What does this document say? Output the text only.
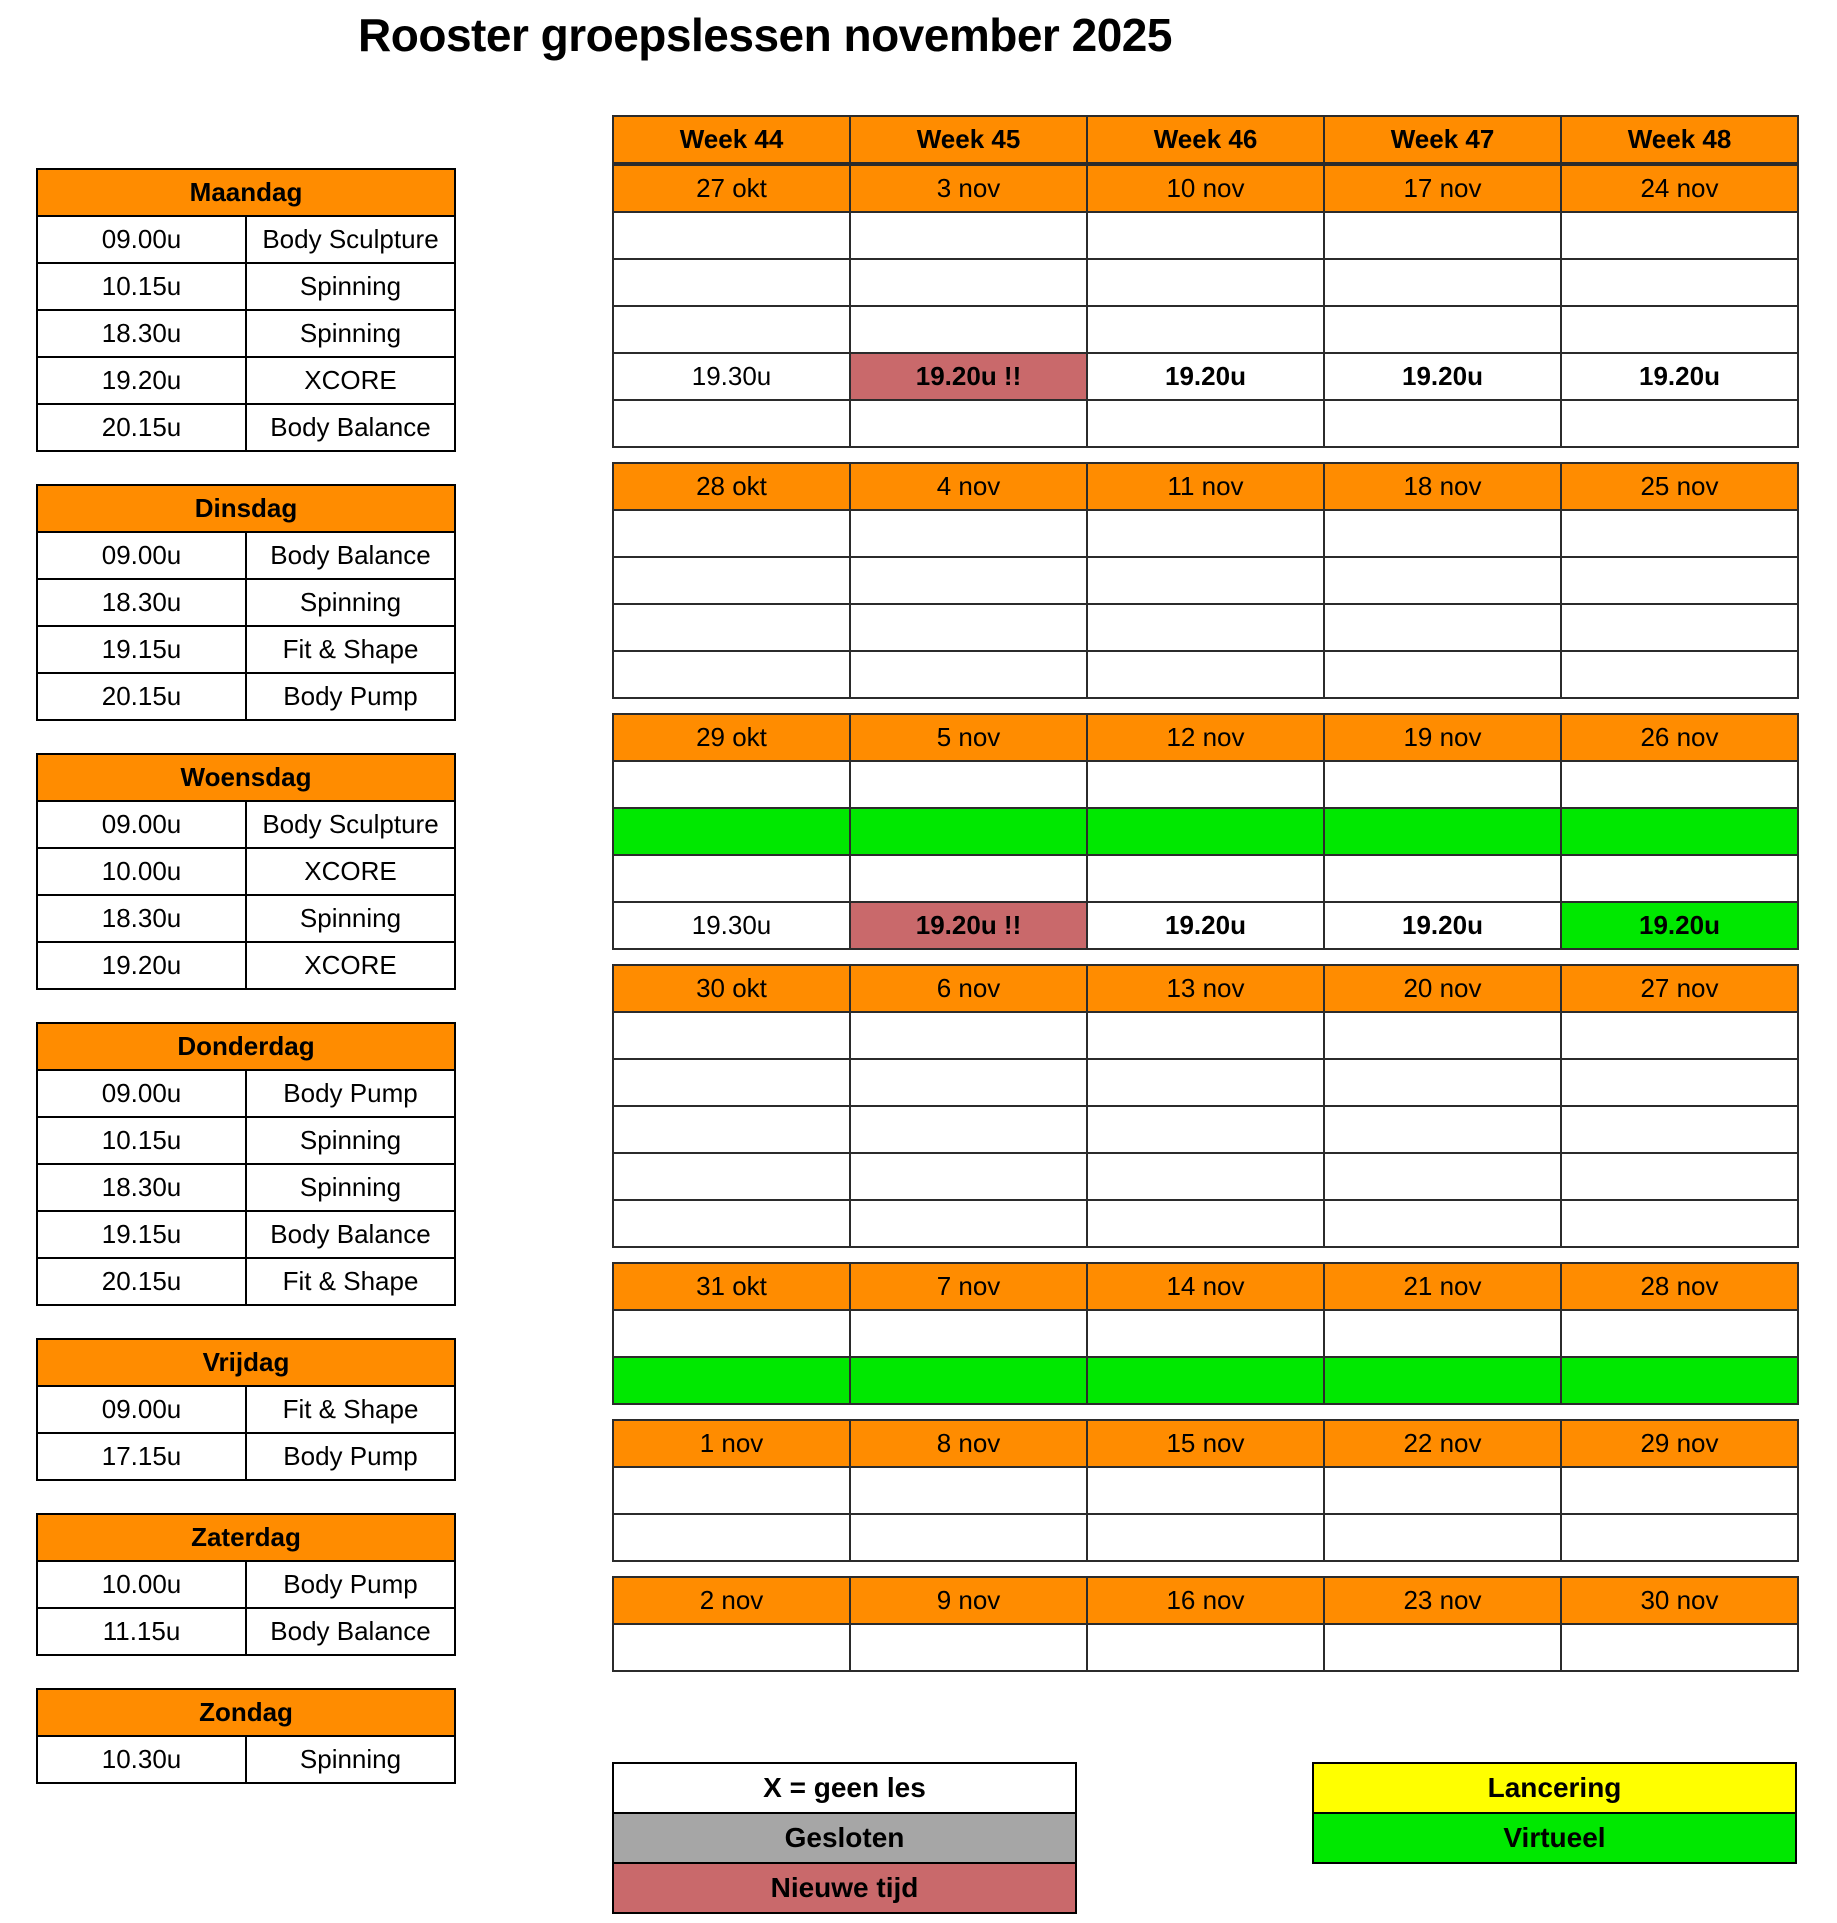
Rooster groepslessen november 2025
Maandag	
09.00u	Body Sculpture
10.15u	Spinning
18.30u	Spinning
19.20u	XCORE
20.15u	Body Balance
Dinsdag	
09.00u	Body Balance
18.30u	Spinning
19.15u	Fit & Shape
20.15u	Body Pump
Woensdag	
09.00u	Body Sculpture
10.00u	XCORE
18.30u	Spinning
19.20u	XCORE
Donderdag	
09.00u	Body Pump
10.15u	Spinning
18.30u	Spinning
19.15u	Body Balance
20.15u	Fit & Shape
Vrijdag	
09.00u	Fit & Shape
17.15u	Body Pump
Zaterdag	
10.00u	Body Pump
11.15u	Body Balance
Zondag
10.30u	Spinning
Week 44	Week 45	Week 46	Week 47	Week 48
27 okt	3 nov	10 nov	17 nov	24 nov

19.30u	19.20u !!	19.20u	19.20u	19.20u

28 okt	4 nov	11 nov	18 nov	25 nov

29 okt	5 nov	12 nov	19 nov	26 nov

19.30u	19.20u !!	19.20u	19.20u	19.20u
30 okt	6 nov	13 nov	20 nov	27 nov

31 okt	7 nov	14 nov	21 nov	28 nov

1 nov	8 nov	15 nov	22 nov	29 nov

2 nov	9 nov	16 nov	23 nov	30 nov

X = geen les
Gesloten
Nieuwe tijd
Lancering
Virtueel
